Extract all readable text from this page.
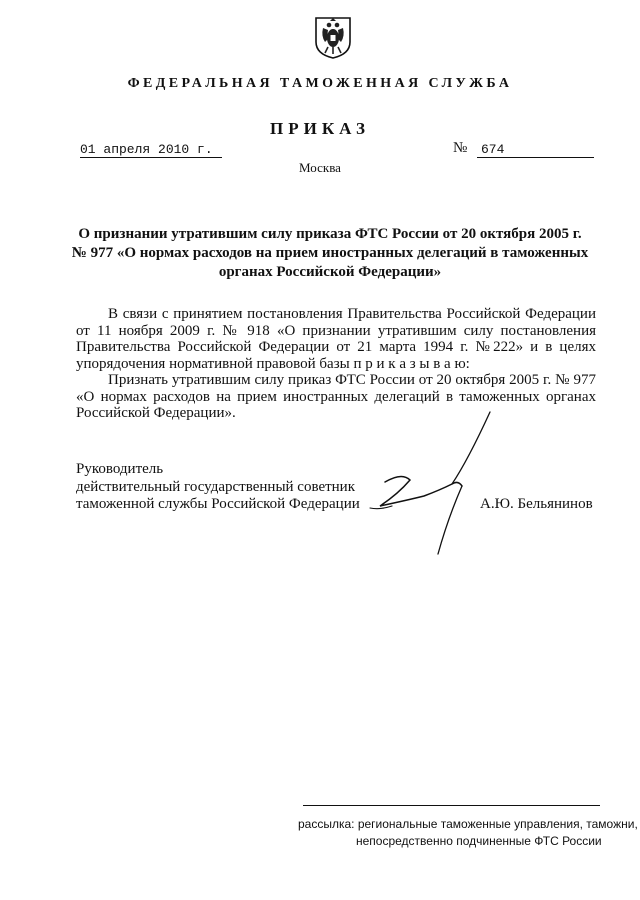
ФЕДЕРАЛЬНАЯ ТАМОЖЕННАЯ СЛУЖБА
ПРИКАЗ
01 апреля 2010 г.	№	674
Москва
О признании утратившим силу приказа ФТС России от 20 октября 2005 г. № 977 «О нормах расходов на прием иностранных делегаций в таможенных органах Российской Федерации»

В связи с принятием постановления Правительства Российской Федерации от 11 ноября 2009 г. № 918 «О признании утратившим силу постановления Правительства Российской Федерации от 21 марта 1994 г. №222» и в целях упорядочения нормативной правовой базы п р и к а з ы в а ю:

Признать утратившим силу приказ ФТС России от 20 октября 2005 г. № 977 «О нормах расходов на прием иностранных делегаций в таможенных органах Российской Федерации».

Руководитель
действительный государственный советник
таможенной службы Российской Федерации	А.Ю. Бельянинов
рассылка: региональные таможенные управления, таможни,
непосредственно подчиненные ФТС России
